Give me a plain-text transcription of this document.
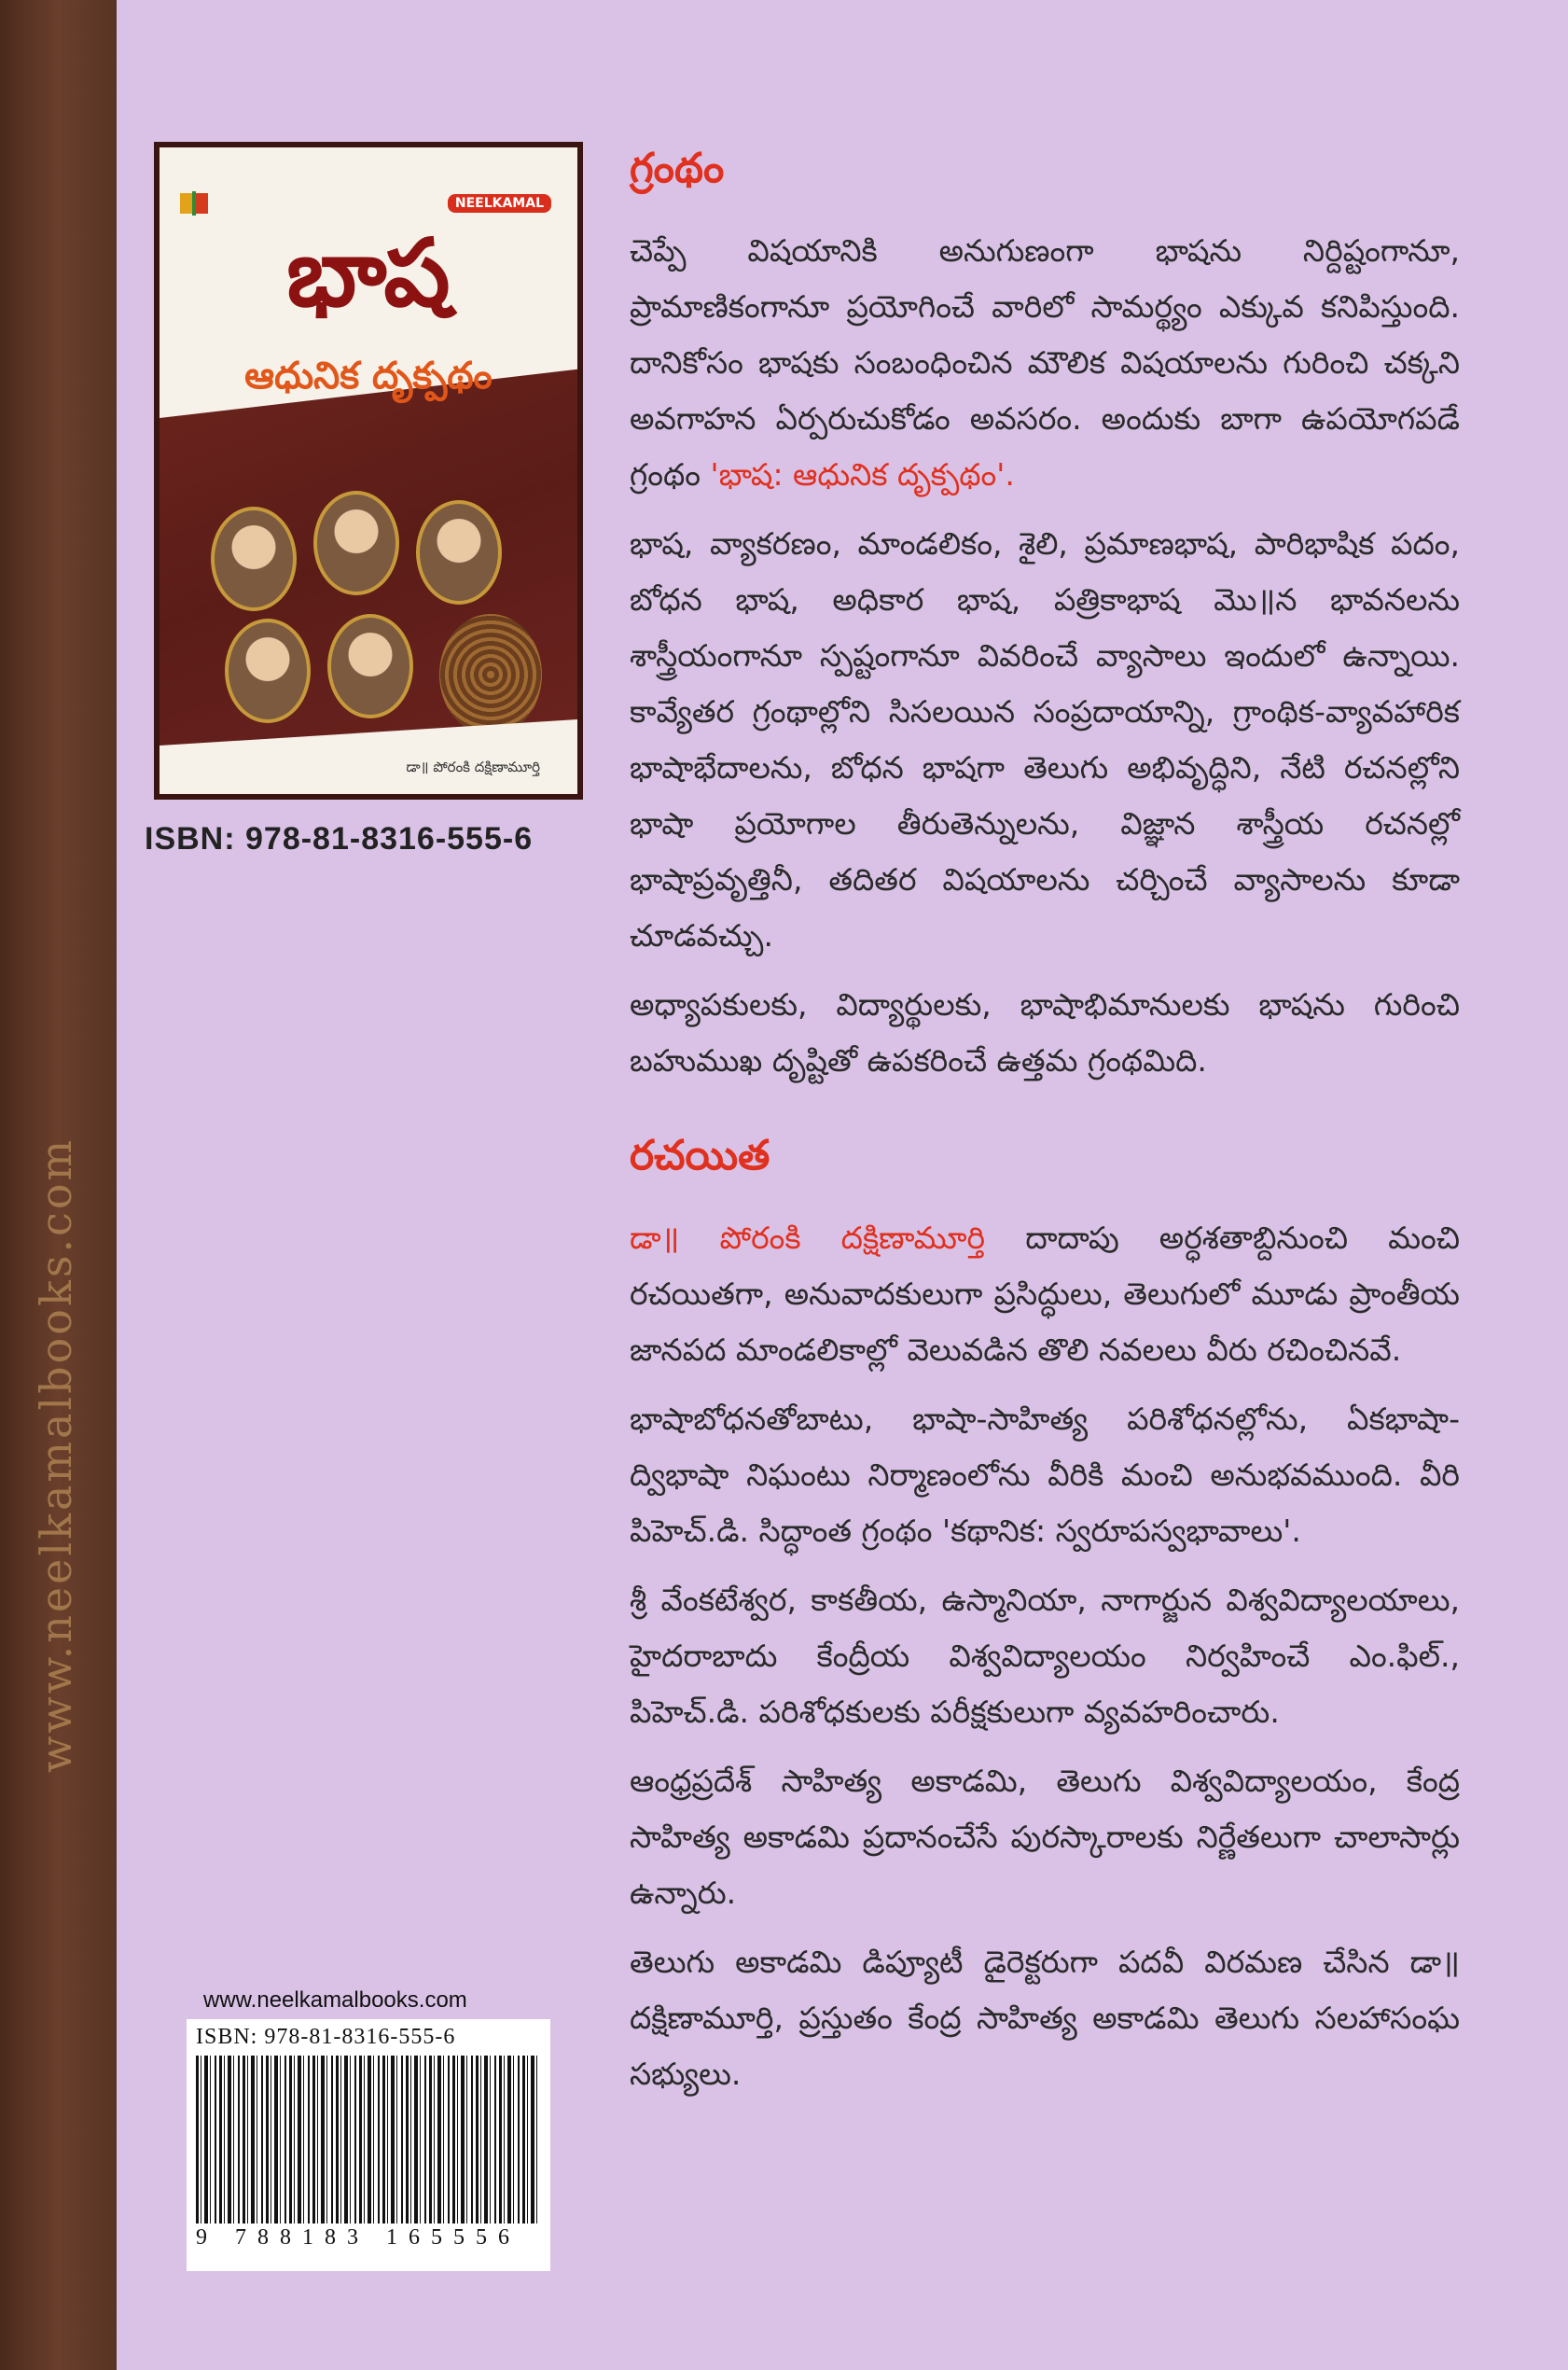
www.neelkamalbooks.com
NEELKAMAL
భాష
ఆధునిక దృక్పథం
డా॥ పోరంకి దక్షిణామూర్తి
ISBN: 978-81-8316-555-6
www.neelkamalbooks.com
ISBN: 978-81-8316-555-6
9 788183 165556
గ్రంథం

చెప్పే విషయానికి అనుగుణంగా భాషను నిర్దిష్టంగానూ, ప్రామాణికంగానూ ప్రయోగించే వారిలో సామర్థ్యం ఎక్కువ కనిపిస్తుంది. దానికోసం భాషకు సంబంధించిన మౌలిక విషయాలను గురించి చక్కని అవగాహన ఏర్పరుచుకోడం అవసరం. అందుకు బాగా ఉపయోగపడే గ్రంథం 'భాష: ఆధునిక దృక్పథం'.

భాష, వ్యాకరణం, మాండలికం, శైలి, ప్రమాణభాష, పారిభాషిక పదం, బోధన భాష, అధికార భాష, పత్రికాభాష మొ॥న భావనలను శాస్త్రీయంగానూ స్పష్టంగానూ వివరించే వ్యాసాలు ఇందులో ఉన్నాయి. కావ్యేతర గ్రంథాల్లోని సిసలయిన సంప్రదాయాన్ని, గ్రాంథిక-వ్యావహారిక భాషాభేదాలను, బోధన భాషగా తెలుగు అభివృద్ధిని, నేటి రచనల్లోని భాషా ప్రయోగాల తీరుతెన్నులను, విజ్ఞాన శాస్త్రీయ రచనల్లో భాషాప్రవృత్తినీ, తదితర విషయాలను చర్చించే వ్యాసాలను కూడా చూడవచ్చు.

అధ్యాపకులకు, విద్యార్థులకు, భాషాభిమానులకు భాషను గురించి బహుముఖ దృష్టితో ఉపకరించే ఉత్తమ గ్రంథమిది.

రచయిత

డా॥ పోరంకి దక్షిణామూర్తి దాదాపు అర్ధశతాబ్దినుంచి మంచి రచయితగా, అనువాదకులుగా ప్రసిద్ధులు, తెలుగులో మూడు ప్రాంతీయ జానపద మాండలికాల్లో వెలువడిన తొలి నవలలు వీరు రచించినవే.

భాషాబోధనతోబాటు, భాషా-సాహిత్య పరిశోధనల్లోను, ఏకభాషా-ద్విభాషా నిఘంటు నిర్మాణంలోను వీరికి మంచి అనుభవముంది. వీరి పిహెచ్.డి. సిద్ధాంత గ్రంథం 'కథానిక: స్వరూపస్వభావాలు'.

శ్రీ వేంకటేశ్వర, కాకతీయ, ఉస్మానియా, నాగార్జున విశ్వవిద్యాలయాలు, హైదరాబాదు కేంద్రీయ విశ్వవిద్యాలయం నిర్వహించే ఎం.ఫిల్., పిహెచ్.డి. పరిశోధకులకు పరీక్షకులుగా వ్యవహరించారు.

ఆంధ్రప్రదేశ్ సాహిత్య అకాడమి, తెలుగు విశ్వవిద్యాలయం, కేంద్ర సాహిత్య అకాడమి ప్రదానంచేసే పురస్కారాలకు నిర్ణేతలుగా చాలాసార్లు ఉన్నారు.

తెలుగు అకాడమి డిప్యూటీ డైరెక్టరుగా పదవీ విరమణ చేసిన డా॥ దక్షిణామూర్తి, ప్రస్తుతం కేంద్ర సాహిత్య అకాడమి తెలుగు సలహాసంఘ సభ్యులు.
